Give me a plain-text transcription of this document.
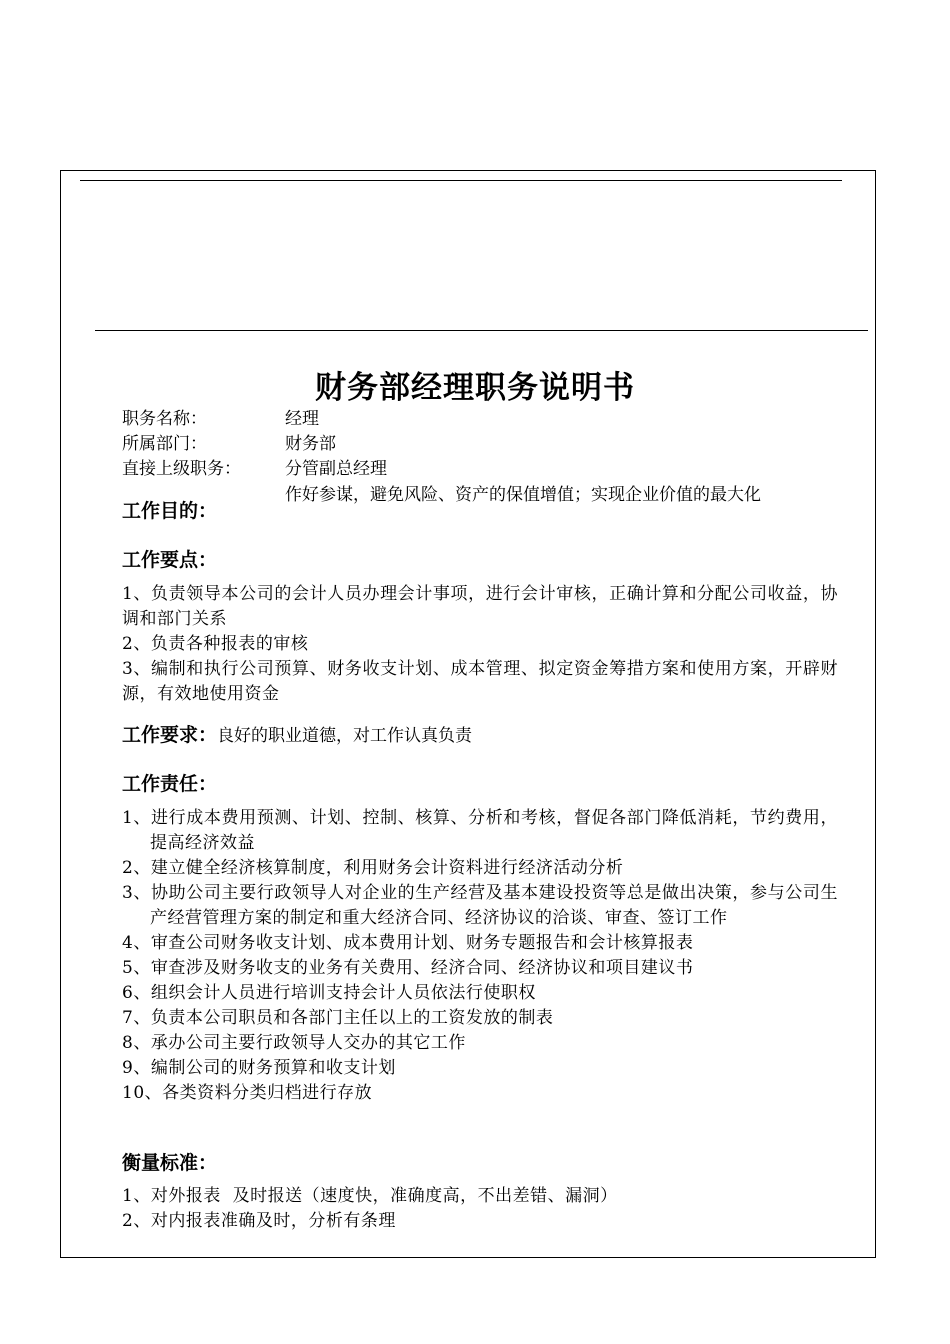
财务部经理职务说明书
职务名称：	经理
所属部门：	财务部
直接上级职务：	分管副总经理
工作目的：
作好参谋，避免风险、资产的保值增值；实现企业价值的最大化
工作要点：
1、负责领导本公司的会计人员办理会计事项，进行会计审核，正确计算和分配公司收益，协调和部门关系
2、负责各种报表的审核
3、编制和执行公司预算、财务收支计划、成本管理、拟定资金筹措方案和使用方案，开辟财源，有效地使用资金
工作要求：良好的职业道德，对工作认真负责
工作责任：
1、进行成本费用预测、计划、控制、核算、分析和考核，督促各部门降低消耗，节约费用，提高经济效益
2、建立健全经济核算制度，利用财务会计资料进行经济活动分析
3、协助公司主要行政领导人对企业的生产经营及基本建设投资等总是做出决策，参与公司生产经营管理方案的制定和重大经济合同、经济协议的洽谈、审查、签订工作
4、审查公司财务收支计划、成本费用计划、财务专题报告和会计核算报表
5、审查涉及财务收支的业务有关费用、经济合同、经济协议和项目建议书
6、组织会计人员进行培训支持会计人员依法行使职权
7、负责本公司职员和各部门主任以上的工资发放的制表
8、承办公司主要行政领导人交办的其它工作
9、编制公司的财务预算和收支计划
10、各类资料分类归档进行存放
衡量标准：
1、对外报表  及时报送（速度快，准确度高，不出差错、漏洞）
2、对内报表准确及时，分析有条理
